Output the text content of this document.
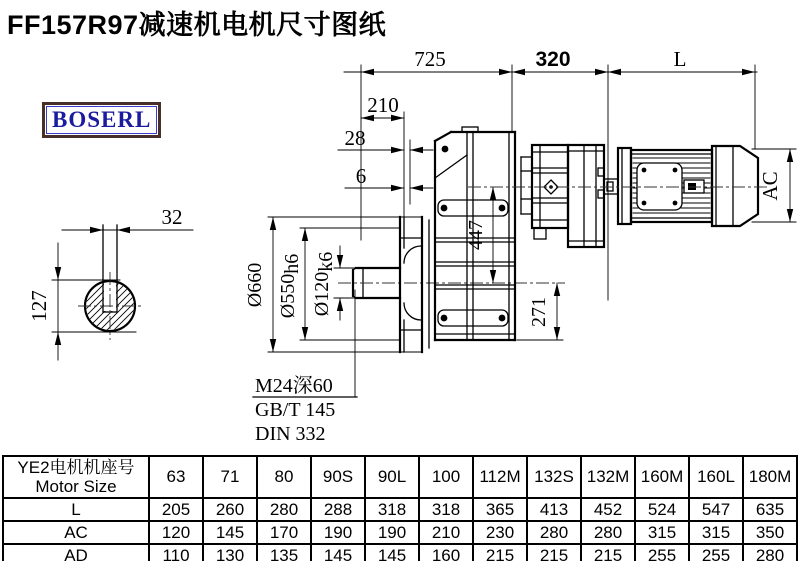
FF157R97减速机电机尺寸图纸
BOSERL
725	320	L
210
28
6
32
127	Ø660 Ø550h6
Ø120k6
447
271
AC
M24深60
GB/T 145
DIN 332
YE2电机机座号
Motor Size	63	71	80	90S	90L	100	112M	132S	132M	160M	160L	180M
L	205	260	280	288	318	318	365	413	452	524	547	635
AC	120	145	170	190	190	210	230	280	280	315	315	350
AD	110	130	135	145	145	160	215	215	215	255	255	280
